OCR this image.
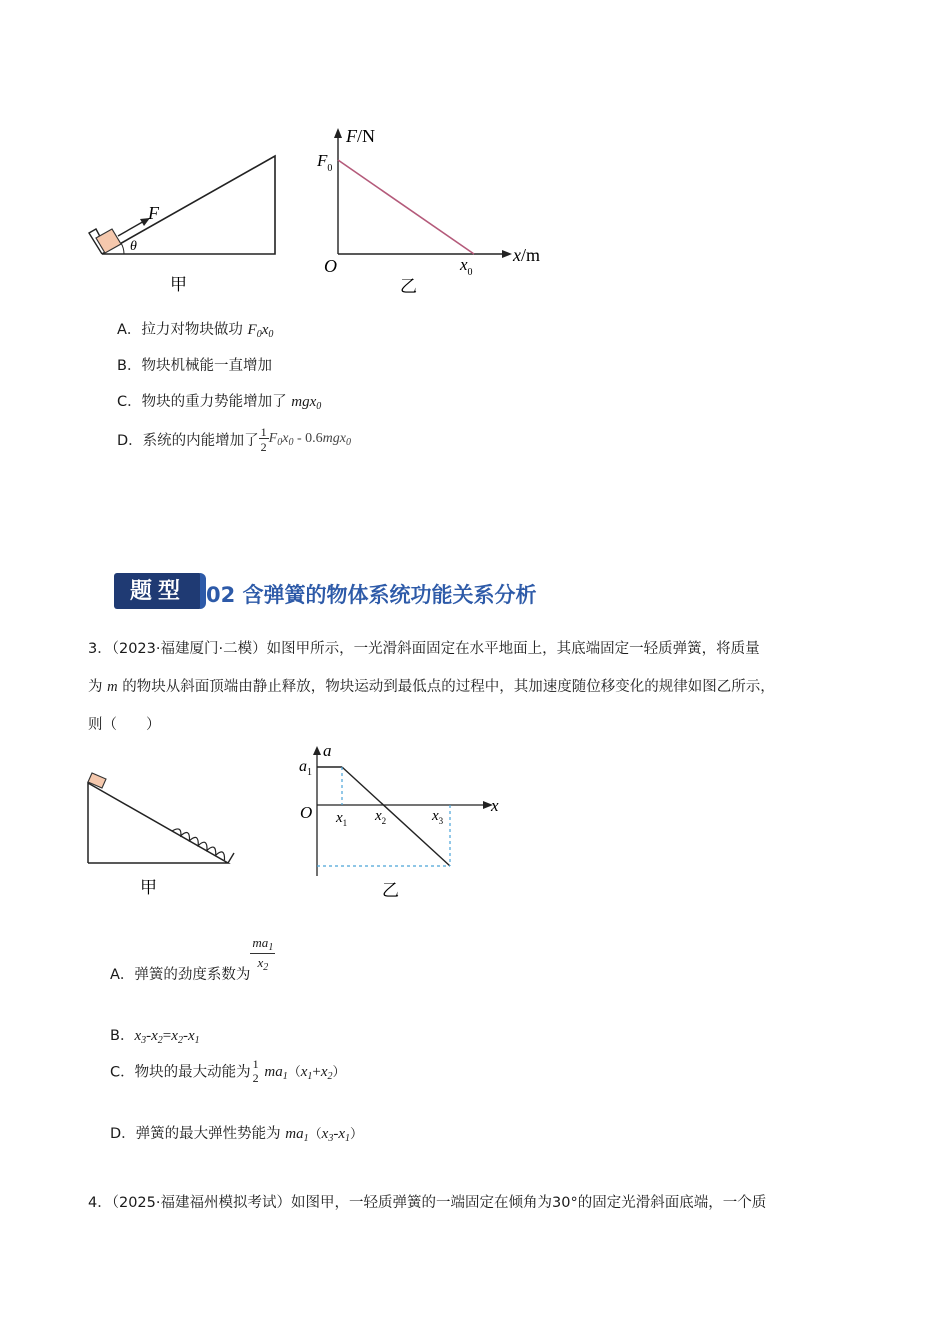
F
θ
甲
F/N
$F_0$
O	$x_0$
x/m
乙
A．拉力对物块做功 $F_0x_0$
B．物块机械能一直增加
C．物块的重力势能增加了 mgx$_0$
D．系统的内能增加了 $\frac{1}{2} F_0x_0 - 0.6mgx_0$
题型 02 含弹簧的物体系统功能关系分析
3．（2023·福建厦门·二模）如图甲所示，一光滑斜面固定在水平地面上，其底端固定一轻质弹簧，将质量
为 m 的物块从斜面顶端由静止释放，物块运动到最低点的过程中，其加速度随位移变化的规律如图乙所示，
则（　　）
甲
a
$a_1$
O $x_1$ $x_2$	$x_3$
x
乙
A．弹簧的劲度系数为
$\frac{ma_1}{x_2}$
B．$x_3-x_2=x_2-x_1$
C．物块的最大动能为
1
2 $ma_1(x_1+x_2)$
D．弹簧的最大弹性势能为 $ma_1(x_3-x_1)$
4．（2025·福建福州模拟考试）如图甲，一轻质弹簧的一端固定在倾角为30°的固定光滑斜面底端，一个质
